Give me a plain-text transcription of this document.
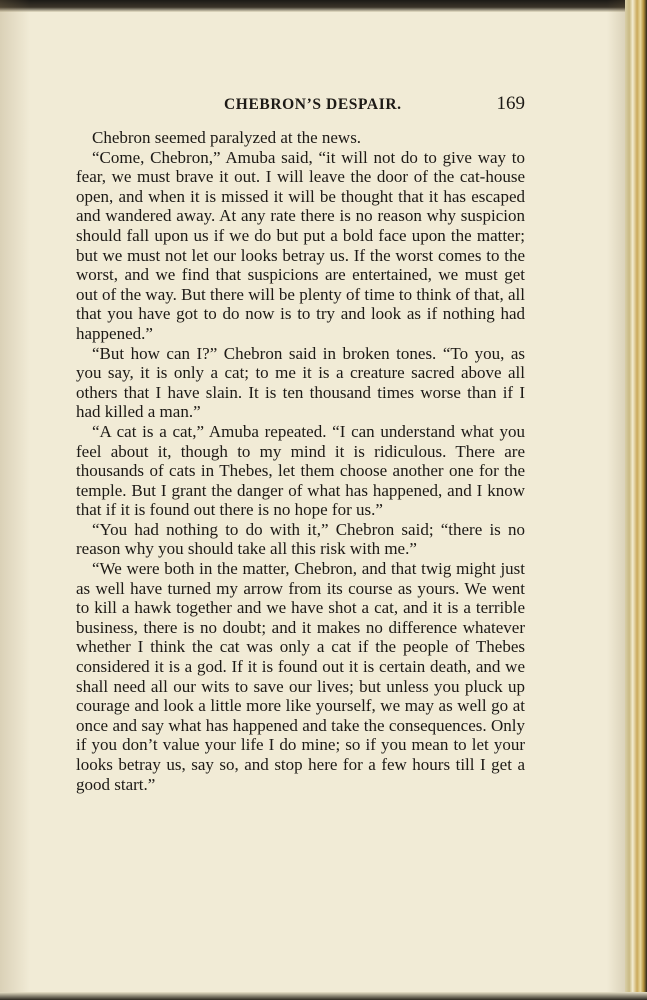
CHEBRON’S DESPAIR.	169

Chebron seemed paralyzed at the news.

“Come, Chebron,” Amuba said, “it will not do to give way to fear, we must brave it out. I will leave the door of the cat-house open, and when it is missed it will be thought that it has escaped and wandered away. At any rate there is no reason why suspicion should fall upon us if we do but put a bold face upon the matter; but we must not let our looks betray us. If the worst comes to the worst, and we find that suspicions are entertained, we must get out of the way. But there will be plenty of time to think of that, all that you have got to do now is to try and look as if nothing had happened.”

“But how can I?” Chebron said in broken tones. “To you, as you say, it is only a cat; to me it is a creature sacred above all others that I have slain. It is ten thousand times worse than if I had killed a man.”

“A cat is a cat,” Amuba repeated. “I can understand what you feel about it, though to my mind it is ridiculous. There are thousands of cats in Thebes, let them choose another one for the temple. But I grant the danger of what has happened, and I know that if it is found out there is no hope for us.”

“You had nothing to do with it,” Chebron said; “there is no reason why you should take all this risk with me.”

“We were both in the matter, Chebron, and that twig might just as well have turned my arrow from its course as yours. We went to kill a hawk together and we have shot a cat, and it is a terrible business, there is no doubt; and it makes no difference whatever whether I think the cat was only a cat if the people of Thebes considered it is a god. If it is found out it is certain death, and we shall need all our wits to save our lives; but unless you pluck up courage and look a little more like yourself, we may as well go at once and say what has happened and take the consequences. Only if you don’t value your life I do mine; so if you mean to let your looks betray us, say so, and stop here for a few hours till I get a good start.”
